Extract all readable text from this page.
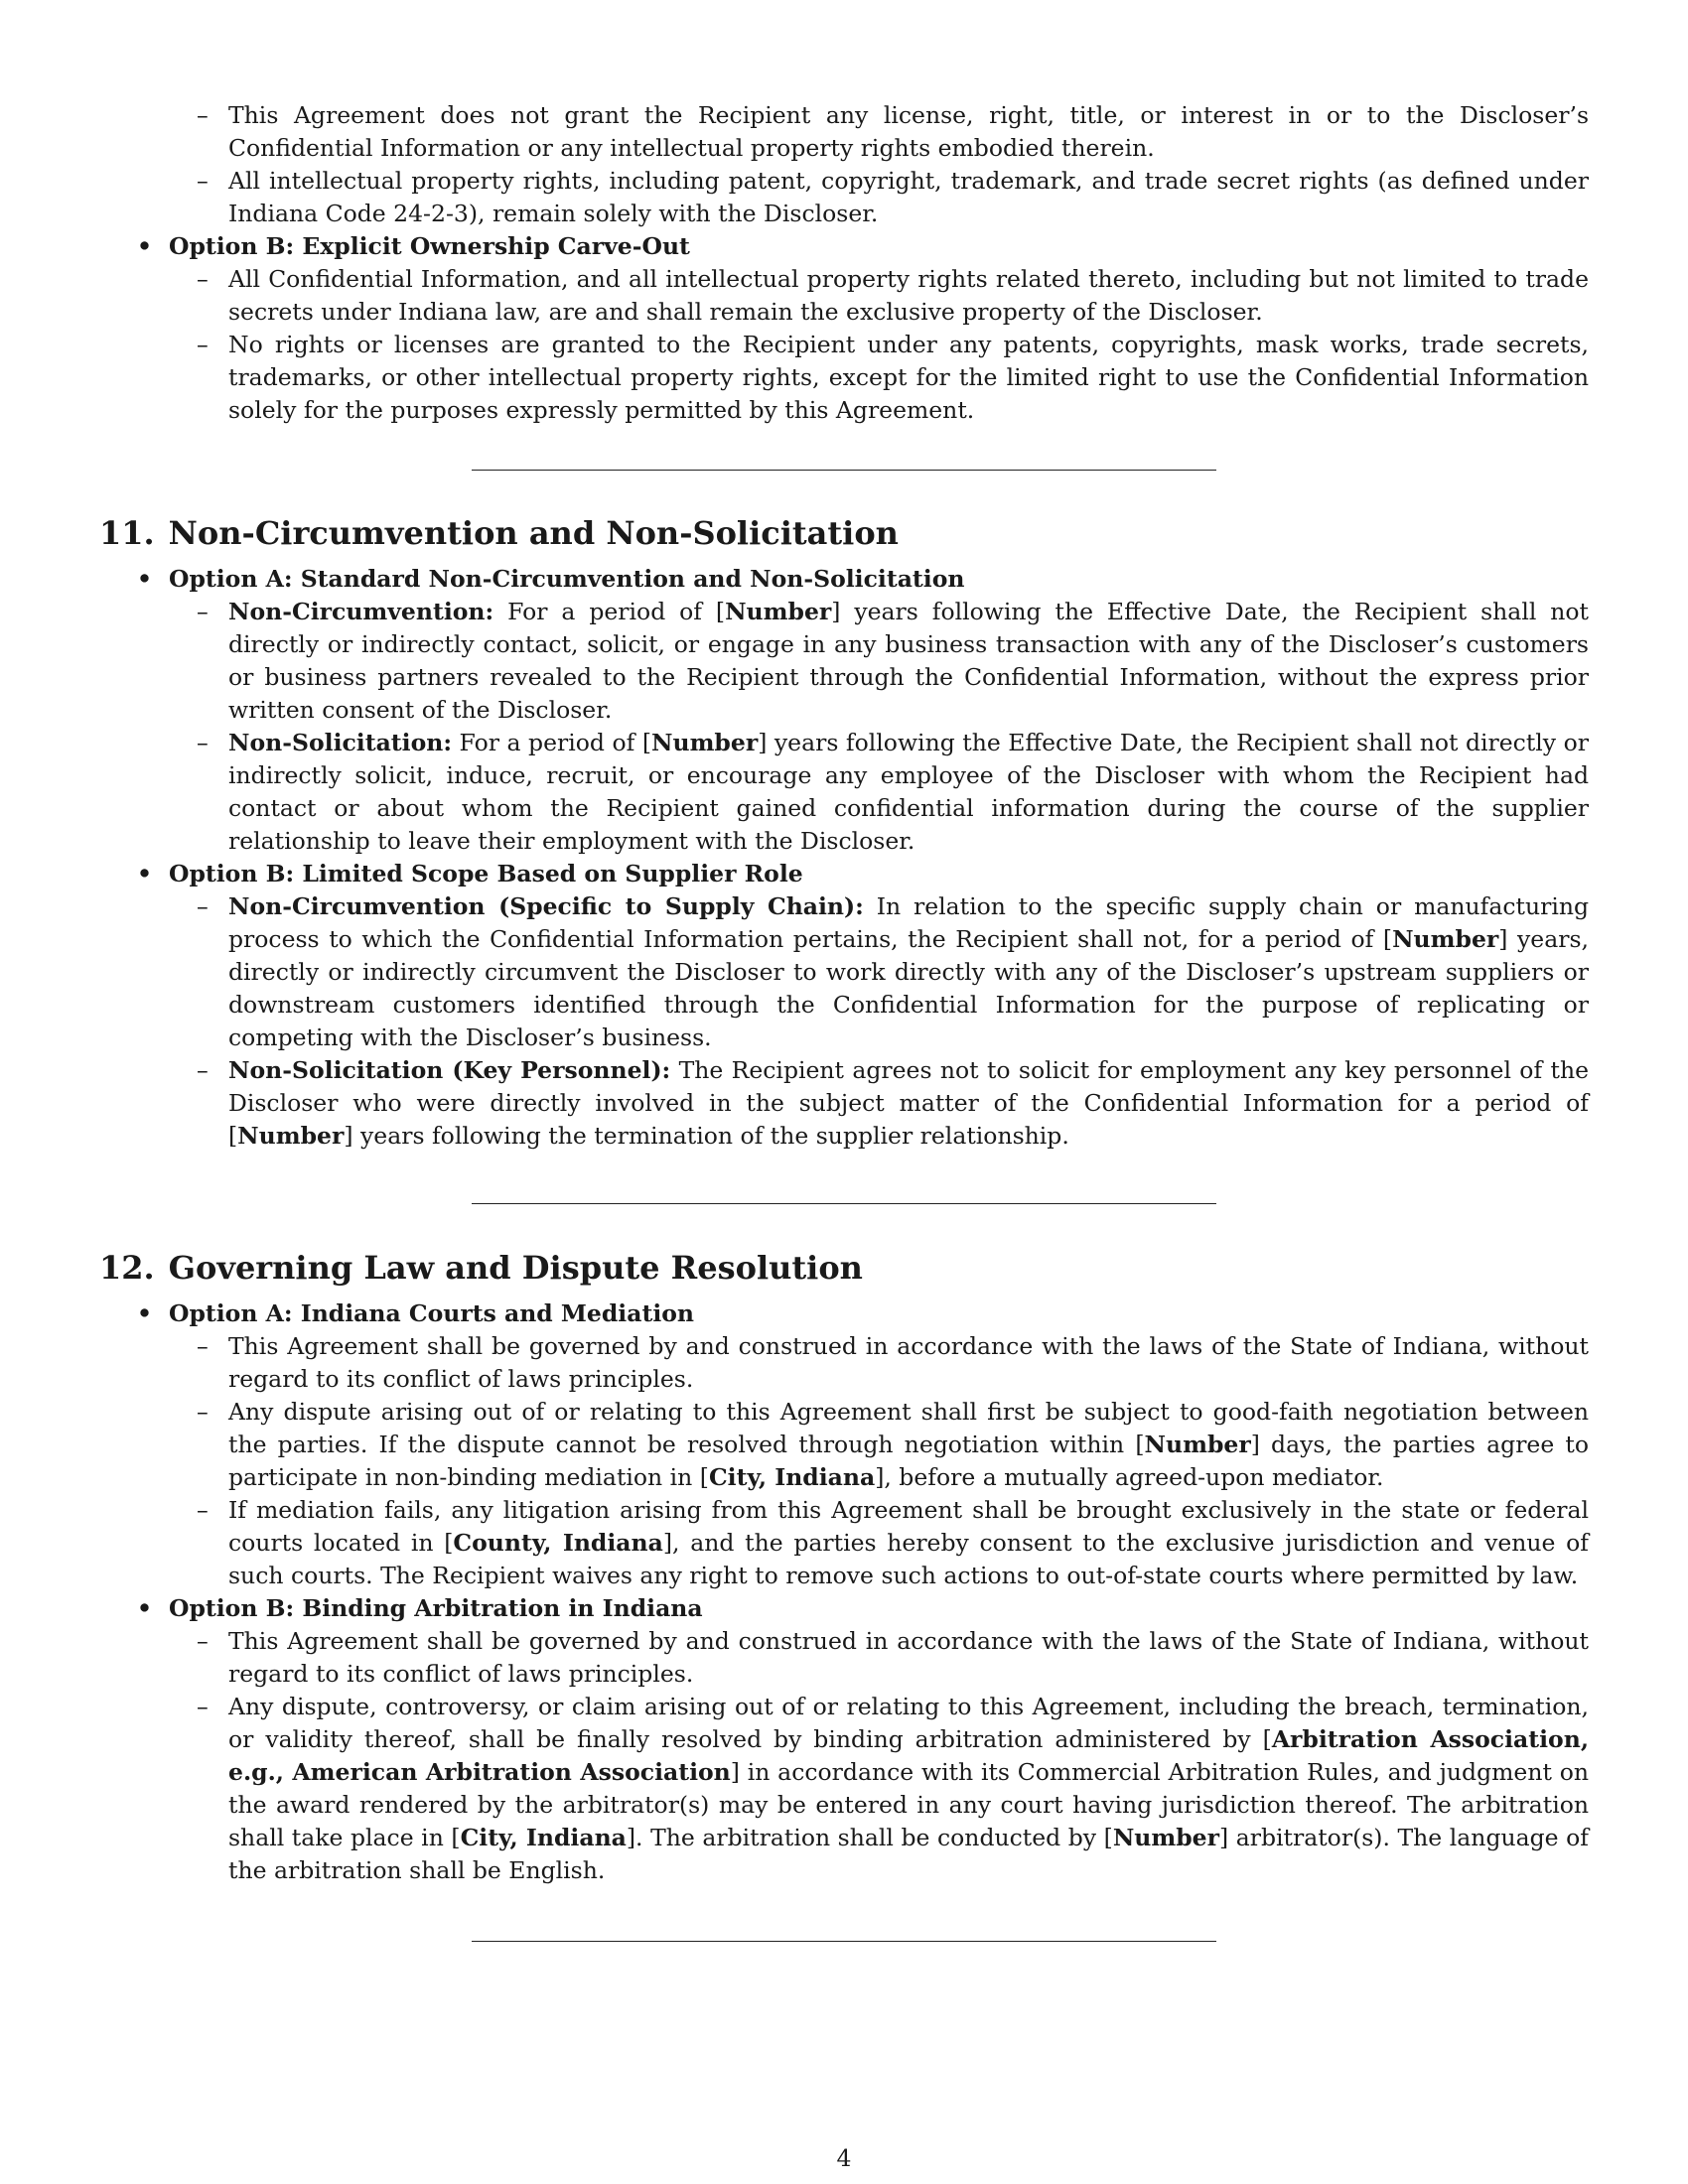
– This Agreement does not grant the Recipient any license, right, title, or interest in or to the Discloser’s Confidential Information or any intellectual property rights embodied therein.
– All intellectual property rights, including patent, copyright, trademark, and trade secret rights (as defined under Indiana Code 24-2-3), remain solely with the Discloser.
• Option B: Explicit Ownership Carve-Out
– All Confidential Information, and all intellectual property rights related thereto, including but not limited to trade secrets under Indiana law, are and shall remain the exclusive property of the Discloser.
– No rights or licenses are granted to the Recipient under any patents, copyrights, mask works, trade secrets, trademarks, or other intellectual property rights, except for the limited right to use the Confidential Information solely for the purposes expressly permitted by this Agreement.
11. Non-Circumvention and Non-Solicitation
• Option A: Standard Non-Circumvention and Non-Solicitation
– Non-Circumvention: For a period of [Number] years following the Effective Date, the Recipient shall not directly or indirectly contact, solicit, or engage in any business transaction with any of the Discloser’s customers or business partners revealed to the Recipient through the Confidential Information, without the express prior written consent of the Discloser.
– Non-Solicitation: For a period of [Number] years following the Effective Date, the Recipient shall not directly or indirectly solicit, induce, recruit, or encourage any employee of the Discloser with whom the Recipient had contact or about whom the Recipient gained confidential information during the course of the supplier relationship to leave their employment with the Discloser.
• Option B: Limited Scope Based on Supplier Role
– Non-Circumvention (Specific to Supply Chain): In relation to the specific supply chain or manufacturing process to which the Confidential Information pertains, the Recipient shall not, for a period of [Number] years, directly or indirectly circumvent the Discloser to work directly with any of the Discloser’s upstream suppliers or downstream customers identified through the Confidential Information for the purpose of replicating or competing with the Discloser’s business.
– Non-Solicitation (Key Personnel): The Recipient agrees not to solicit for employment any key personnel of the Discloser who were directly involved in the subject matter of the Confidential Information for a period of [Number] years following the termination of the supplier relationship.
12. Governing Law and Dispute Resolution
• Option A: Indiana Courts and Mediation
– This Agreement shall be governed by and construed in accordance with the laws of the State of Indiana, without regard to its conflict of laws principles.
– Any dispute arising out of or relating to this Agreement shall first be subject to good-faith negotiation between the parties. If the dispute cannot be resolved through negotiation within [Number] days, the parties agree to participate in non-binding mediation in [City, Indiana], before a mutually agreed-upon mediator.
– If mediation fails, any litigation arising from this Agreement shall be brought exclusively in the state or federal courts located in [County, Indiana], and the parties hereby consent to the exclusive jurisdiction and venue of such courts. The Recipient waives any right to remove such actions to out-of-state courts where permitted by law.
• Option B: Binding Arbitration in Indiana
– This Agreement shall be governed by and construed in accordance with the laws of the State of Indiana, without regard to its conflict of laws principles.
– Any dispute, controversy, or claim arising out of or relating to this Agreement, including the breach, termination, or validity thereof, shall be finally resolved by binding arbitration administered by [Arbitration Association, e.g., American Arbitration Association] in accordance with its Commercial Arbitration Rules, and judgment on the award rendered by the arbitrator(s) may be entered in any court having jurisdiction thereof. The arbitration shall take place in [City, Indiana]. The arbitration shall be conducted by [Number] arbitrator(s). The language of the arbitration shall be English.
4
